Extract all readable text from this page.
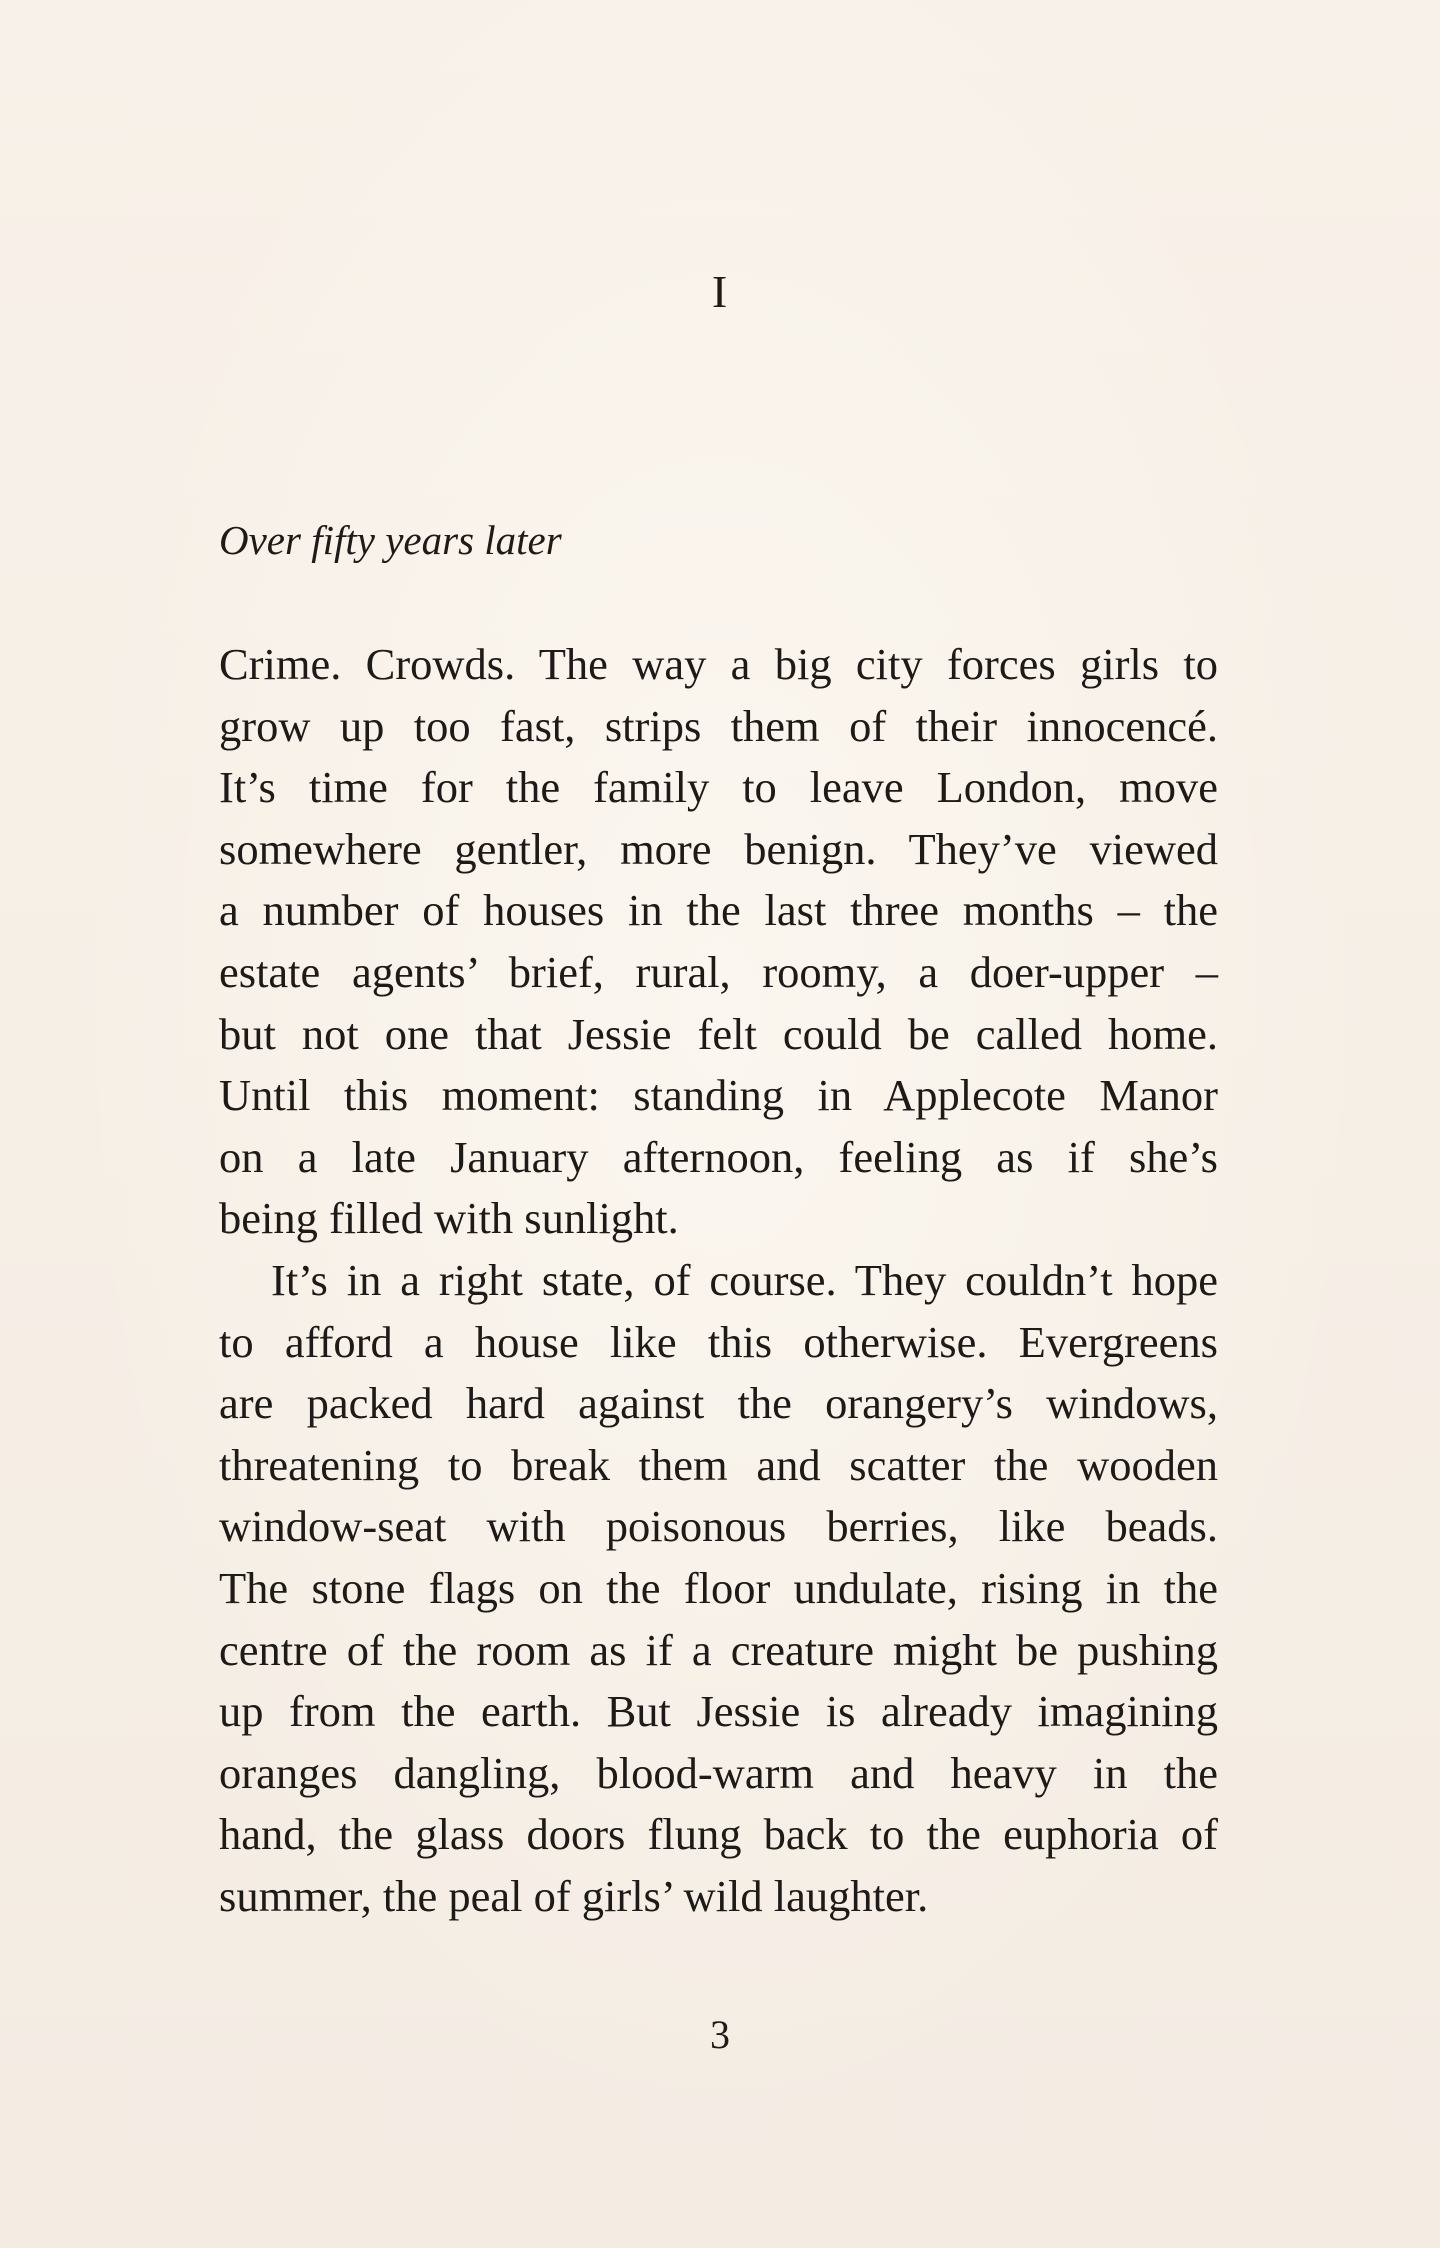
I
Over fifty years later
Crime. Crowds. The way a big city forces girls to
grow up too fast, strips them of their innocencé.
It’s time for the family to leave London, move
somewhere gentler, more benign. They’ve viewed
a number of houses in the last three months – the
estate agents’ brief, rural, roomy, a doer-upper –
but not one that Jessie felt could be called home.
Until this moment: standing in Applecote Manor
on a late January afternoon, feeling as if she’s
being filled with sunlight.
It’s in a right state, of course. They couldn’t hope
to afford a house like this otherwise. Evergreens
are packed hard against the orangery’s windows,
threatening to break them and scatter the wooden
window-seat with poisonous berries, like beads.
The stone flags on the floor undulate, rising in the
centre of the room as if a creature might be pushing
up from the earth. But Jessie is already imagining
oranges dangling, blood-warm and heavy in the
hand, the glass doors flung back to the euphoria of
summer, the peal of girls’ wild laughter.
3
